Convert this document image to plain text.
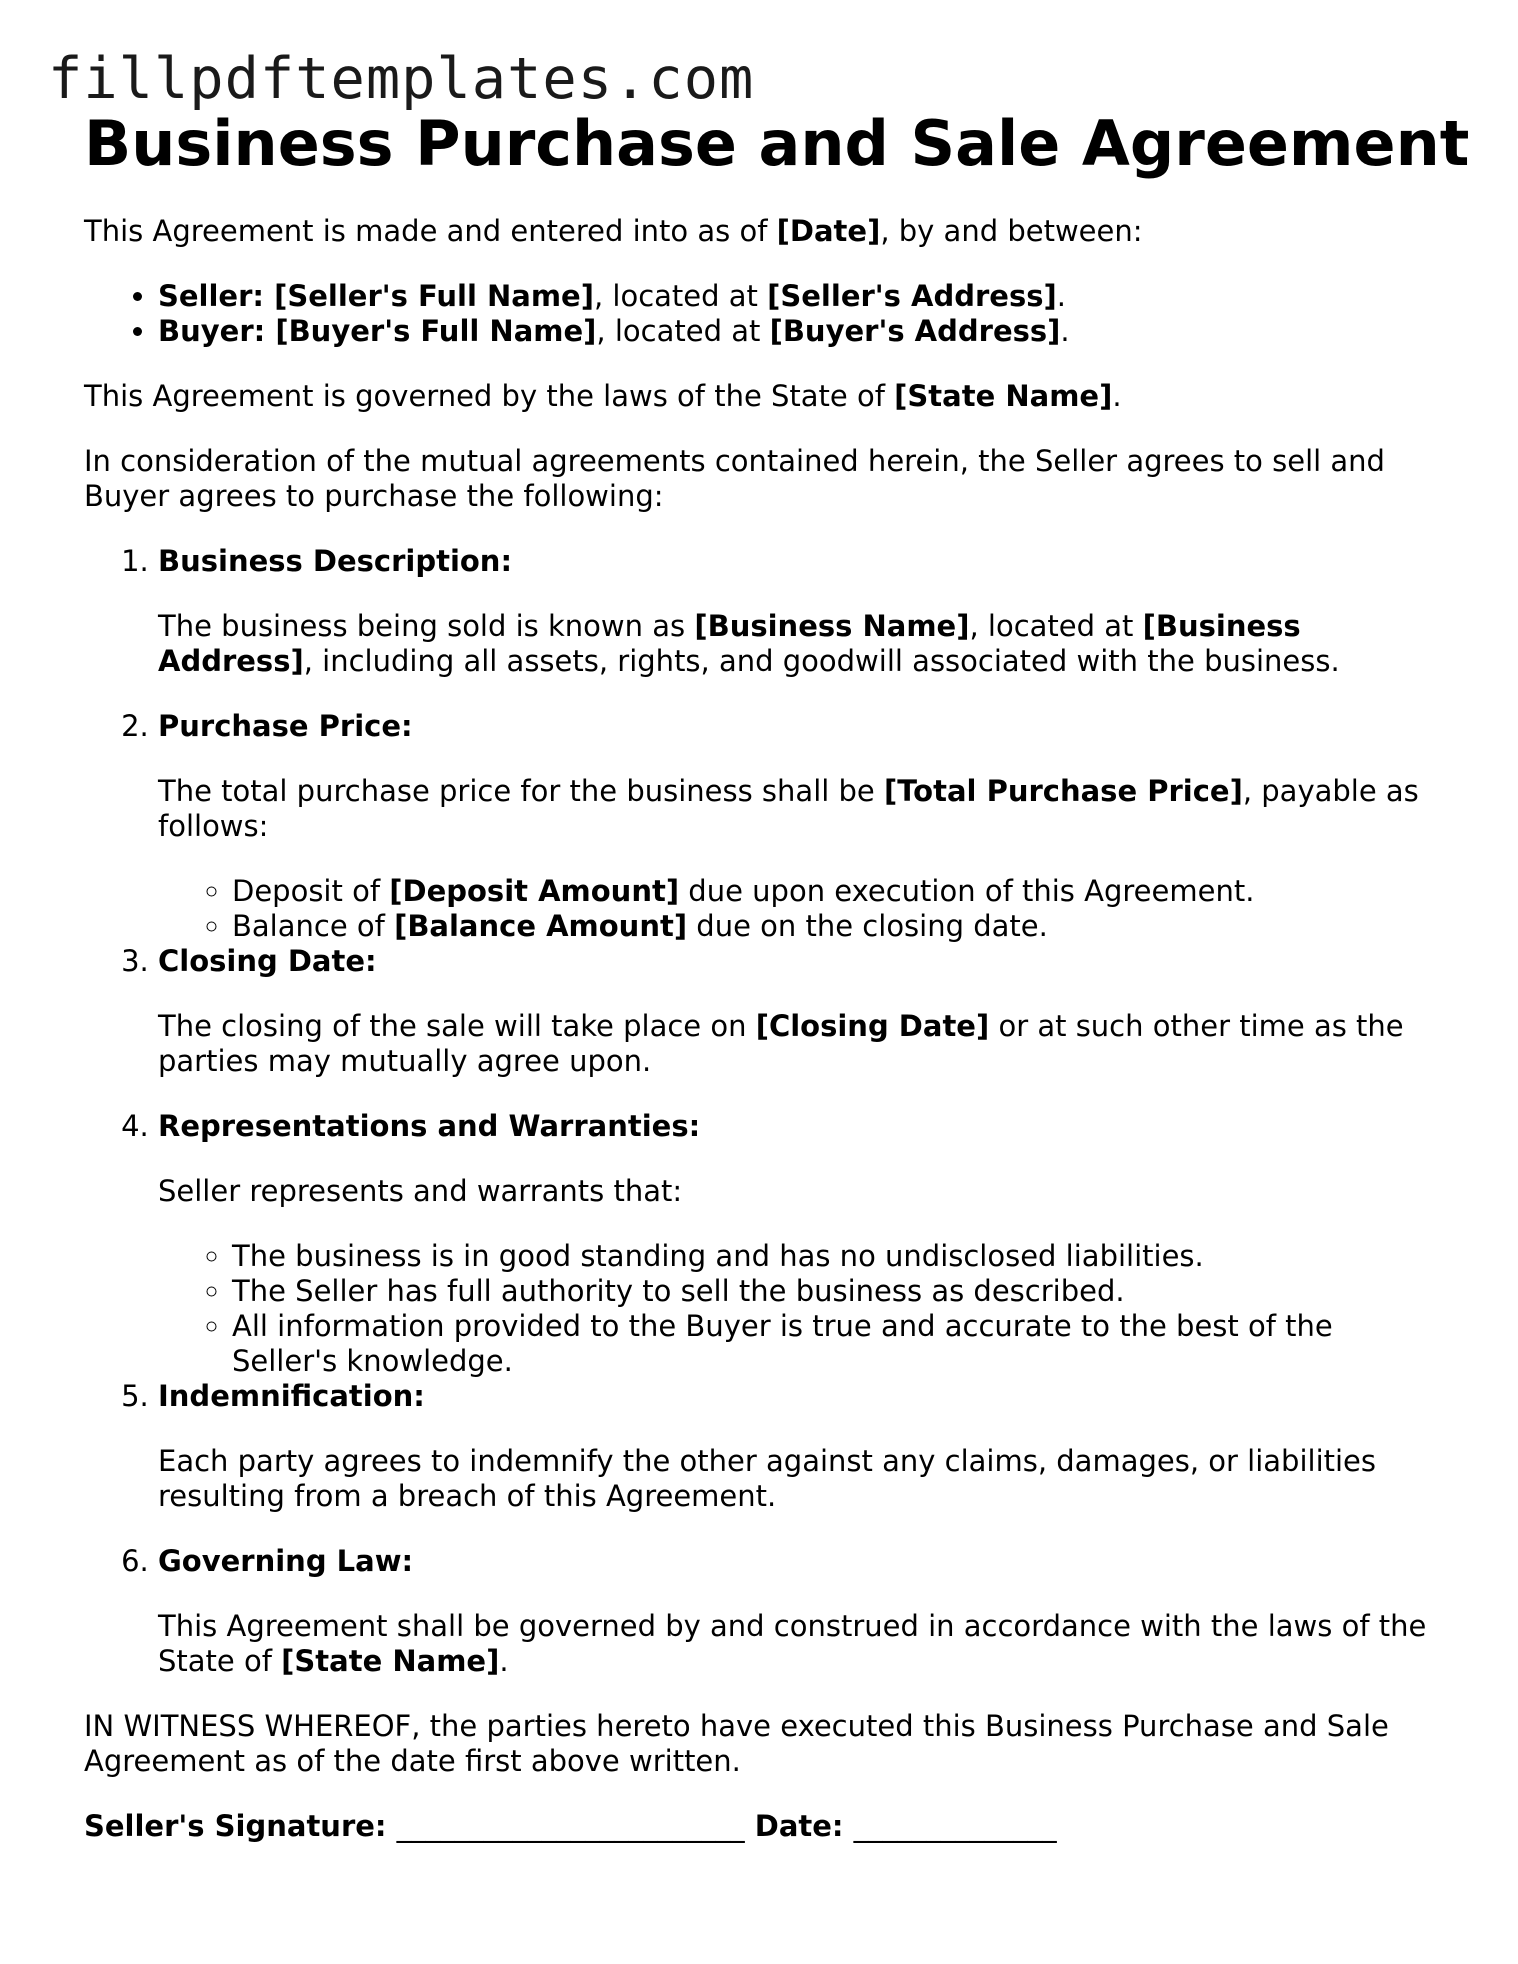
fillpdftemplates.com
Business Purchase and Sale Agreement

This Agreement is made and entered into as of [Date], by and between:

• Seller: [Seller's Full Name], located at [Seller's Address].
• Buyer: [Buyer's Full Name], located at [Buyer's Address].

This Agreement is governed by the laws of the State of [State Name].

In consideration of the mutual agreements contained herein, the Seller agrees to sell and Buyer agrees to purchase the following:

1. Business Description:

The business being sold is known as [Business Name], located at [Business Address], including all assets, rights, and goodwill associated with the business.

2. Purchase Price:

The total purchase price for the business shall be [Total Purchase Price], payable as follows:

◦ Deposit of [Deposit Amount] due upon execution of this Agreement.
◦ Balance of [Balance Amount] due on the closing date.
3. Closing Date:

The closing of the sale will take place on [Closing Date] or at such other time as the parties may mutually agree upon.

4. Representations and Warranties:

Seller represents and warrants that:

◦ The business is in good standing and has no undisclosed liabilities.
◦ The Seller has full authority to sell the business as described.
◦ All information provided to the Buyer is true and accurate to the best of the Seller's knowledge.
5. Indemnification:

Each party agrees to indemnify the other against any claims, damages, or liabilities resulting from a breach of this Agreement.

6. Governing Law:

This Agreement shall be governed by and construed in accordance with the laws of the State of [State Name].

IN WITNESS WHEREOF, the parties hereto have executed this Business Purchase and Sale Agreement as of the date first above written.

Seller's Signature: ________________________ Date: ______________
